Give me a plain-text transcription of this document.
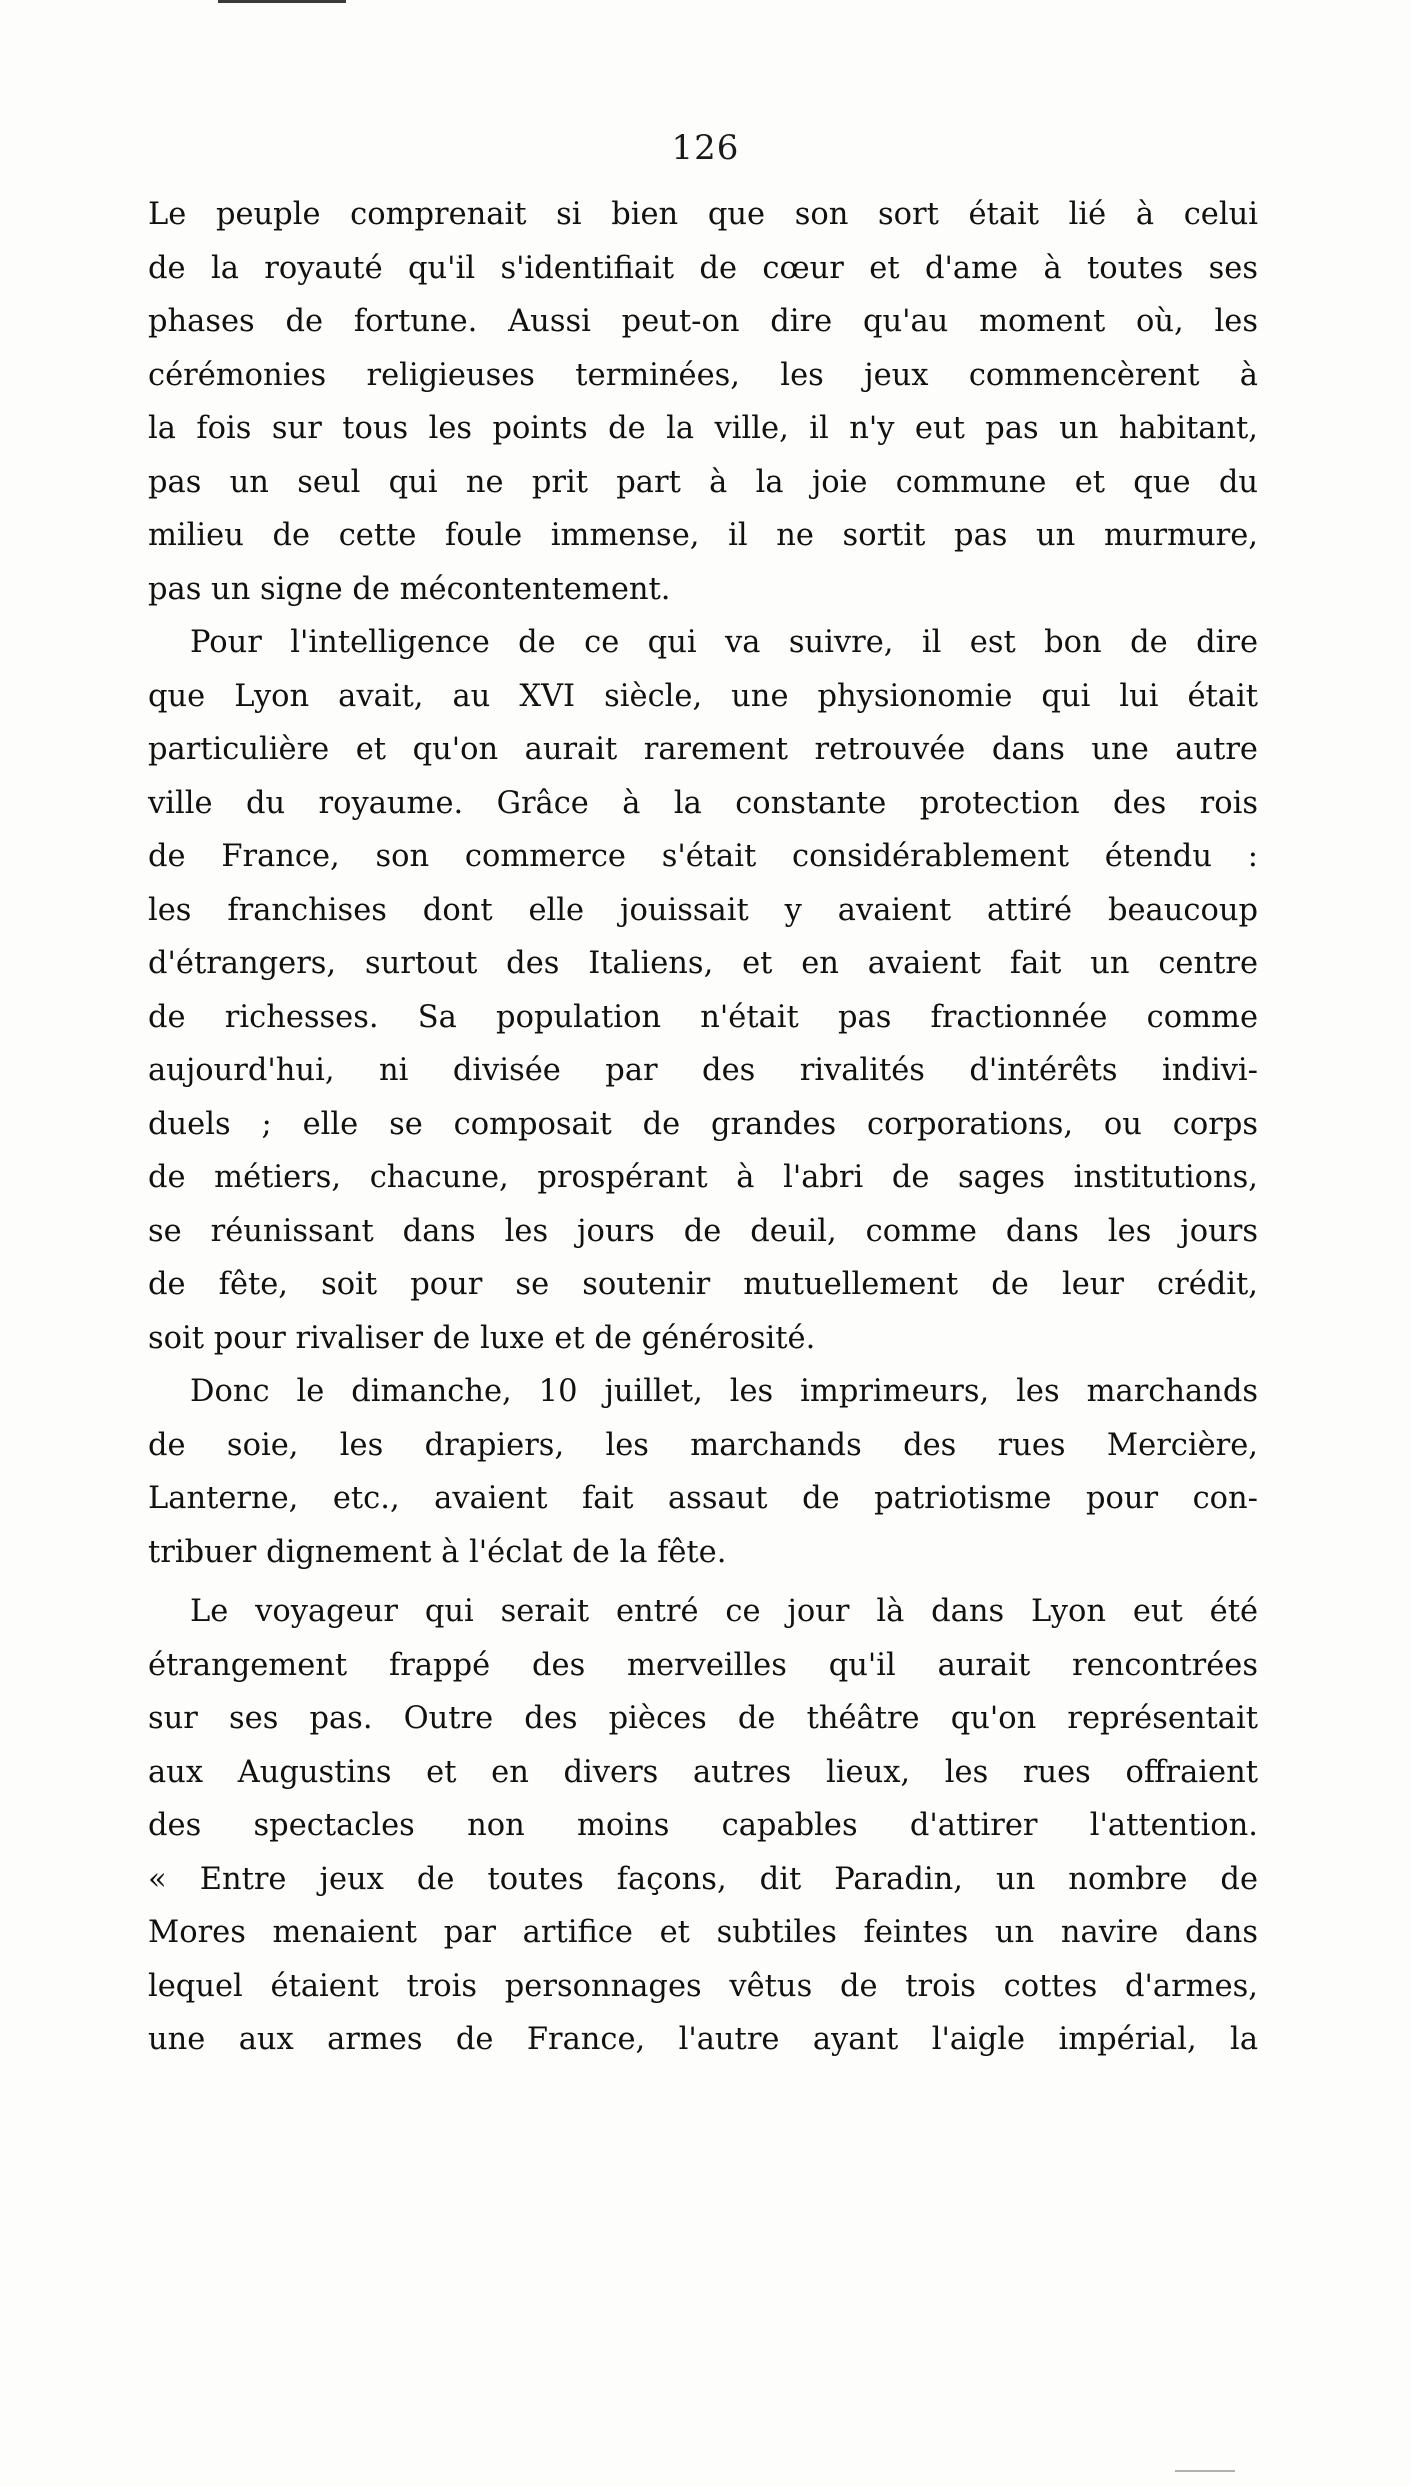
126
Le peuple comprenait si bien que son sort était lié à celui
de la royauté qu'il s'identifiait de cœur et d'ame à toutes ses
phases de fortune. Aussi peut-on dire qu'au moment où, les
cérémonies religieuses terminées, les jeux commencèrent à
la fois sur tous les points de la ville, il n'y eut pas un habitant,
pas un seul qui ne prit part à la joie commune et que du
milieu de cette foule immense, il ne sortit pas un murmure,
pas un signe de mécontentement.
Pour l'intelligence de ce qui va suivre, il est bon de dire
que Lyon avait, au XVI siècle, une physionomie qui lui était
particulière et qu'on aurait rarement retrouvée dans une autre
ville du royaume. Grâce à la constante protection des rois
de France, son commerce s'était considérablement étendu :
les franchises dont elle jouissait y avaient attiré beaucoup
d'étrangers, surtout des Italiens, et en avaient fait un centre
de richesses. Sa population n'était pas fractionnée comme
aujourd'hui, ni divisée par des rivalités d'intérêts indivi-
duels ; elle se composait de grandes corporations, ou corps
de métiers, chacune, prospérant à l'abri de sages institutions,
se réunissant dans les jours de deuil, comme dans les jours
de fête, soit pour se soutenir mutuellement de leur crédit,
soit pour rivaliser de luxe et de générosité.
Donc le dimanche, 10 juillet, les imprimeurs, les marchands
de soie, les drapiers, les marchands des rues Mercière,
Lanterne, etc., avaient fait assaut de patriotisme pour con-
tribuer dignement à l'éclat de la fête.
Le voyageur qui serait entré ce jour là dans Lyon eut été
étrangement frappé des merveilles qu'il aurait rencontrées
sur ses pas. Outre des pièces de théâtre qu'on représentait
aux Augustins et en divers autres lieux, les rues offraient
des spectacles non moins capables d'attirer l'attention.
« Entre jeux de toutes façons, dit Paradin, un nombre de
Mores menaient par artifice et subtiles feintes un navire dans
lequel étaient trois personnages vêtus de trois cottes d'armes,
une aux armes de France, l'autre ayant l'aigle impérial, la
